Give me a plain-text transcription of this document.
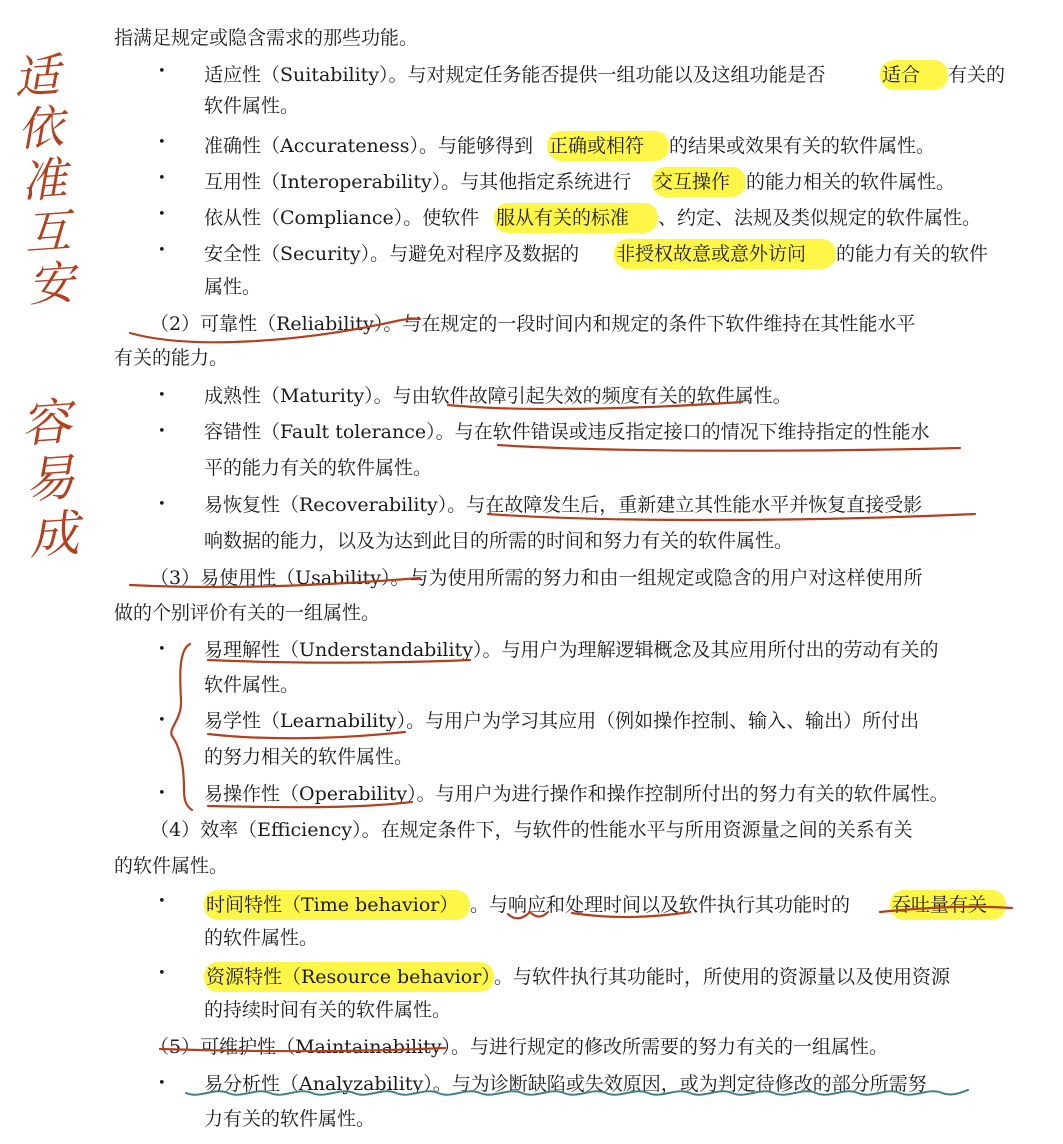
指满足规定或隐含需求的那些功能。
• 适应性（Suitability）。与对规定任务能否提供一组功能以及这组功能是否	适合 有关的
软件属性。
• 准确性（Accurateness）。与能够得到 正确或相符 的结果或效果有关的软件属性。
• 互用性（Interoperability）。与其他指定系统进行 交互操作 的能力相关的软件属性。
• 依从性（Compliance）。使软件 服从有关的标准 、约定、法规及类似规定的软件属性。
• 安全性（Security）。与避免对程序及数据的 非授权故意或意外访问 的能力有关的软件
属性。
（2）可靠性（Reliability）。与在规定的一段时间内和规定的条件下软件维持在其性能水平
有关的能力。
• 成熟性（Maturity）。与由软件故障引起失效的频度有关的软件属性。
• 容错性（Fault tolerance）。与在软件错误或违反指定接口的情况下维持指定的性能水
平的能力有关的软件属性。
• 易恢复性（Recoverability）。与在故障发生后，重新建立其性能水平并恢复直接受影
响数据的能力，以及为达到此目的所需的时间和努力有关的软件属性。
（3）易使用性（Usability）。与为使用所需的努力和由一组规定或隐含的用户对这样使用所
做的个别评价有关的一组属性。
• 易理解性（Understandability）。与用户为理解逻辑概念及其应用所付出的劳动有关的
软件属性。
• 易学性（Learnability）。与用户为学习其应用（例如操作控制、输入、输出）所付出
的努力相关的软件属性。
• 易操作性（Operability）。与用户为进行操作和操作控制所付出的努力有关的软件属性。
（4）效率（Efficiency）。在规定条件下，与软件的性能水平与所用资源量之间的关系有关
的软件属性。
• 时间特性（Time behavior） 。与响应和处理时间以及软件执行其功能时的 吞吐量有关
的软件属性。
• 资源特性（Resource behavior）。与软件执行其功能时，所使用的资源量以及使用资源
的持续时间有关的软件属性。
（5）可维护性（Maintainability）。与进行规定的修改所需要的努力有关的一组属性。
• 易分析性（Analyzability）。与为诊断缺陷或失效原因，或为判定待修改的部分所需努
力有关的软件属性。
适
依
准
互
安
容
易
成
